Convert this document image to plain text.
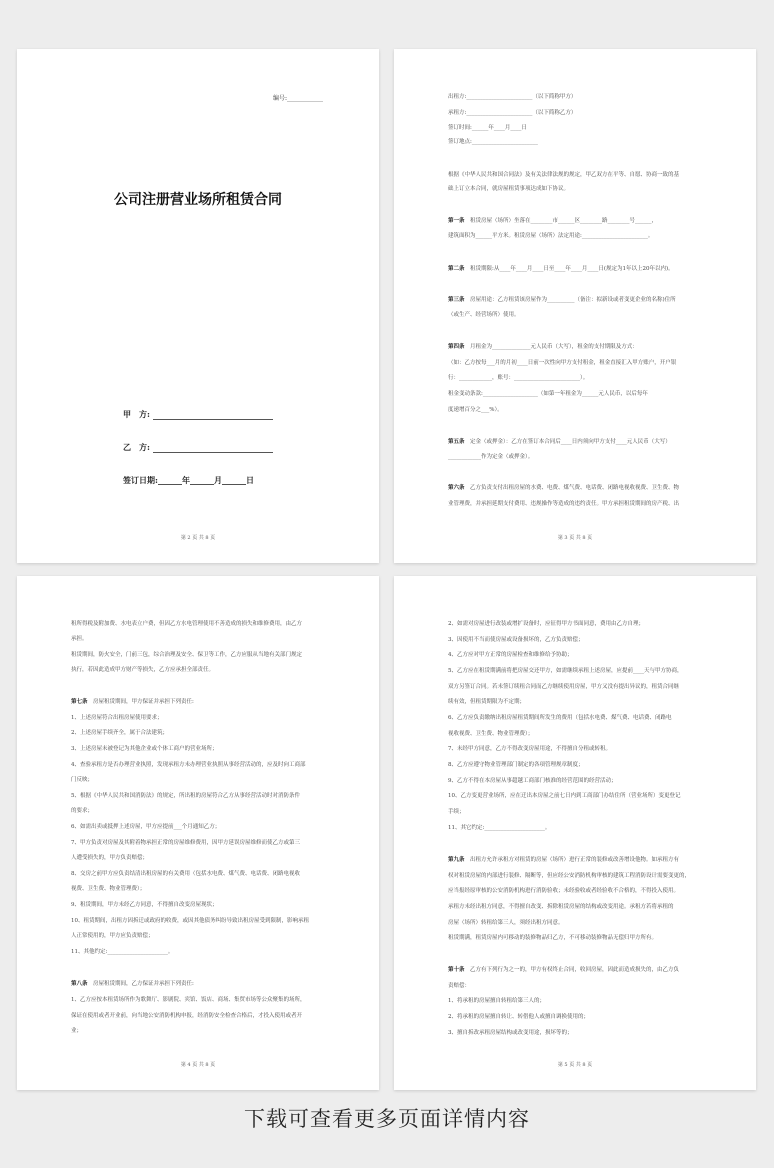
编号:____________
公司注册营业场所租赁合同
甲　方:
乙　方:
签订日期:______年______月______日
第 2 页 共 8 页	第 3 页 共 8 页
出租方:________________________（以下简称甲方）
承租方:________________________（以下简称乙方）
签订时间:______年____月____日
签订地点:________________________
根据《中华人民共和国合同法》及有关法律法规的规定，甲乙双方在平等、自愿、协商一致的基
础上订立本合同，就房屋租赁事项达成如下协议。
第一条　租赁房屋（场所）坐落在________市______区________路________号______，
建筑面积为______平方米。租赁房屋（场所）法定用途:________________________。
第二条　租赁期限:从____年____月____日至____年____月____日(规定为1年以上20年以内)。
第三条　房屋用途：乙方租赁该房屋作为__________（备注：拟新设或者变更企业的名称)住所
（或生产、经营场所）使用。
第四条　月租金为______________元人民币（大写），租金的支付期限及方式：
（如：乙方按每___月的月初____日前一次性向甲方支付租金，租金直接汇入甲方账户，开户银
行：____________，账号：________________________）。
租金变动条款:____________________（如第一年租金为______元人民币，以后每年
度递增百分之___%）。
第五条　定金（或押金）：乙方在签订本合同后____日内须向甲方支付____元人民币（大写）
____________作为定金（或押金）。
第六条　乙方负责支付出租房屋的水费、电费、煤气费、电话费、闭路电视收视费、卫生费、物
业管理费，并承担延期支付费用、违规操作等造成的违约责任。甲方承担租赁期间的房产税、出
第 4 页 共 8 页
租所得税及附加费、水电表立户费，但因乙方水电管理使用不善造成的损失和维修费用，由乙方
承担。
租赁期间，防火安全，门前三包，综合治理及安全、保卫等工作，乙方应服从当地有关部门规定
执行，若因此造成甲方财产等损失，乙方应承担全部责任。
第七条　房屋租赁期间，甲方保证并承担下列责任:
1、上述房屋符合出租房屋使用要求；
2、上述房屋手续齐全，属于合法建筑；
3、上述房屋未被登记为其他企业或个体工商户的营业场所；
4、查验承租方是否办理营业执照，发现承租方未办理营业执照从事经营活动的，应及时向工商部
门反映；
5、根据《中华人民共和国消防法》的规定，所出租的房屋符合乙方从事经营活动时对消防条件
的要求；
6、如需出卖或抵押上述房屋，甲方应提前___个月通知乙方；
7、甲方负责对房屋及其附着物承担正常的房屋维修费用，因甲方延误房屋维修而使乙方或第三
人遭受损失的，甲方负责赔偿；
8、交房之前甲方应负责结清出租房屋的有关费用（包括水电费、煤气费、电话费、闭路电视收
视费、卫生费、物业管理费）；
9、租赁期间，甲方未经乙方同意，不得擅自改变房屋现状；
10、租赁期间，出租方因拆迁或政府的收费，或因其他债务纠纷导致出租房屋受到限制，影响承租
人正常使用的，甲方应负责赔偿；
11、其他约定:______________________。
第八条　房屋租赁期间，乙方保证并承担下列责任:
1、乙方应按本租赁场所作为歌舞厅、影剧院、宾馆、饭店、商场、集贸市场等公众聚集的场所，
保证在使用或者开业前，向当地公安消防机构申报，经消防安全检查合格后，才投入使用或者开
业；
第 5 页 共 8 页
2、如需对房屋进行改装或增扩设备时，应征得甲方书面同意，费用由乙方自理；
3、因使用不当而使房屋或设备损坏的，乙方负责赔偿；
4、乙方应对甲方正常的房屋检查和维修给予协助；
5、乙方应在租赁期满前将把房屋交还甲方，如需继续承租上述房屋，应提前____天与甲方协商，
双方另签订合同。若未签订续租合同而乙方继续使用房屋，甲方又没有提出异议的，租赁合同继
续有效，但租赁期限为不定期；
6、乙方应负责缴纳出租房屋租赁期间所发生的费用（包括水电费、煤气费、电话费、闭路电
视收视费、卫生费、物业管理费）；
7、未经甲方同意，乙方不得改变房屋用途，不得擅自分租或转租。
8、乙方应遵守物业管理部门制定的各项管理规章制度；
9、乙方不得在本房屋从事超越工商部门核准的经营范围的经营活动；
10、乙方变更营业场所，应在迁出本房屋之前七日内到工商部门办结住所（营业场所）变更登记
手续；
11、其它约定:______________________。
第九条　出租方允许承租方对租赁的房屋（场所）进行正常的装修或改善增设他物。如承租方有
权对租赁房屋的内部进行装修、隔断等，但应经公安消防机构审核的建筑工程消防设计需要变更的，
应当报经原审核的公安消防机构进行消防验收；未经验收或者经验收不合格的，不得投入使用。
承租方未经出租方同意，不得擅自改变、拆除租赁房屋的结构或改变用途。承租方若将承租的
房屋（场所）转租给第三人，须经出租方同意。
租赁期满，租赁房屋内可移动的装修物品归乙方，不可移动装修物品无偿归甲方所有。
第十条　乙方有下列行为之一的，甲方有权终止合同，收回房屋，因此而造成损失的，由乙方负
责赔偿：
1、将承租的房屋擅自转租给第三人的；
2、将承租的房屋擅自转让、转借他人或擅自调换使用的；
3、擅自拆改承租房屋结构或改变用途，损坏等的；
下载可查看更多页面详情内容
